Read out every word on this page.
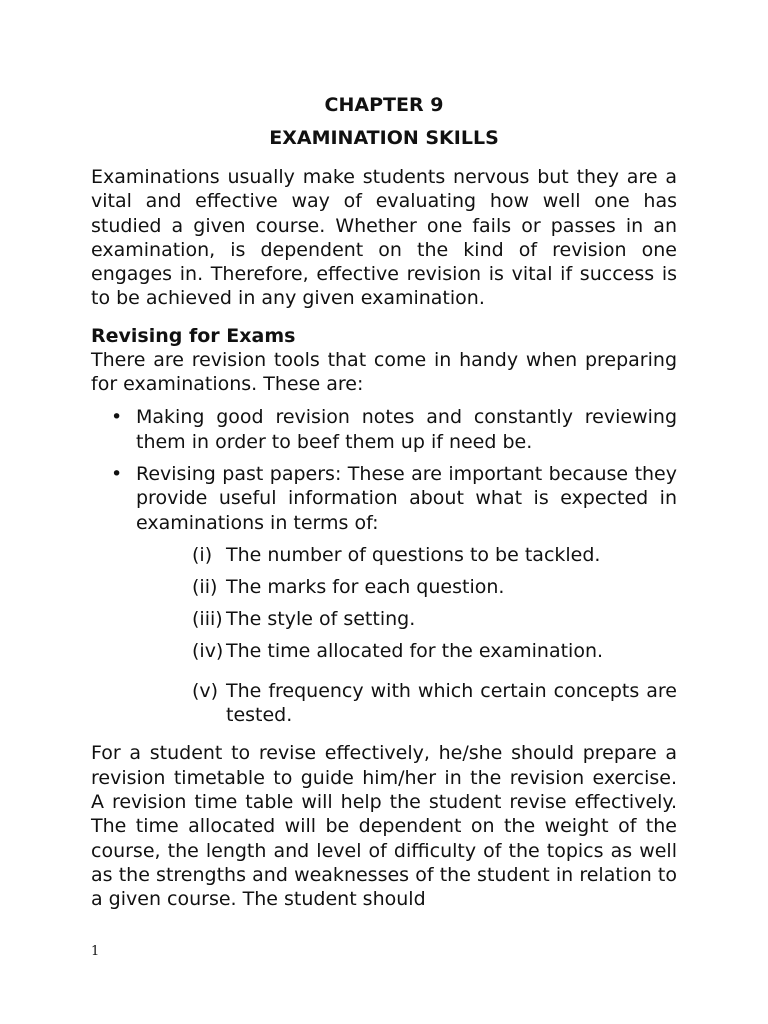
CHAPTER 9
EXAMINATION SKILLS

Examinations usually make students nervous but they are a vital and effective way of evaluating how well one has studied a given course. Whether one fails or passes in an examination, is dependent on the kind of revision one engages in. Therefore, effective revision is vital if success is to be achieved in any given examination.

Revising for Exams

There are revision tools that come in handy when preparing for examinations. These are:

• Making good revision notes and constantly reviewing them in order to beef them up if need be.
• Revising past papers: These are important because they provide useful information about what is expected in examinations in terms of:
(i) The number of questions to be tackled.
(ii) The marks for each question.
(iii) The style of setting.
(iv) The time allocated for the examination.
(v) The frequency with which certain concepts are tested.

For a student to revise effectively, he/she should prepare a revision timetable to guide him/her in the revision exercise. A revision time table will help the student revise effectively. The time allocated will be dependent on the weight of the course, the length and level of difficulty of the topics as well as the strengths and weaknesses of the student in relation to a given course. The student should

1
